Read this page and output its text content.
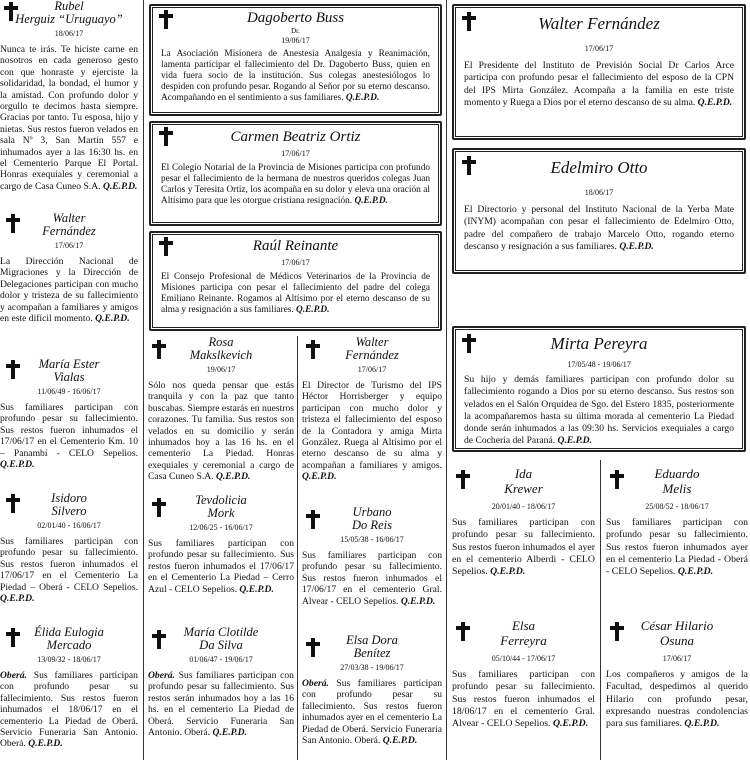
Rubel
Herguiz “Uruguayo”
18/06/17
Nunca te irás. Te hiciste carne en nosotros en cada generoso gesto con que honraste y ejerciste la solidaridad, la bondad, el humor y la amistad. Con profundo dolor y orgullo te decimos hasta siempre. Gracias por tanto. Tu esposa, hijo y nietas. Sus restos fueron velados en sala Nº 3, San Martín 557 e inhumados ayer a las 16:30 hs. en el Cementerio Parque El Portal. Honras exequiales y ceremonial a cargo de Casa Cuneo S.A. Q.E.P.D.
Walter
Fernández
17/06/17
La Dirección Nacional de Migraciones y la Dirección de Delegaciones participan con mucho dolor y tristeza de su fallecimiento y acompañan a familiares y amigos en este difícil momento. Q.E.P.D.
María Ester
Vialas
11/06/49 - 16/06/17
Sus familiares participan con profundo pesar su fallecimiento. Sus restos fueron inhumados el 17/06/17 en el Cementerio Km. 10 – Panambí - CELO Sepelios. Q.E.P.D.
Isidoro
Silvero
02/01/40 - 16/06/17
Sus familiares participan con profundo pesar su fallecimiento. Sus restos fueron inhumados el 17/06/17 en el Cementerio La Piedad – Oberá - CELO Sepelios. Q.E.P.D.
Élida Eulogia
Mercado
13/09/32 - 18/06/17
Oberá. Sus familiares participan con profundo pesar su fallecimiento. Sus restos fueron inhumados el 18/06/17 en el cementerio La Piedad de Oberá. Servicio Funeraria San Antonio. Oberá. Q.E.P.D.
Dagoberto Buss
Dr.
19/06/17
La Asociación Misionera de Anestesia Analgesia y Reanimación, lamenta participar el fallecimiento del Dr. Dagoberto Buss, quien en vida fuera socio de la institución. Sus colegas anestesiólogos lo despiden con profundo pesar. Rogando al Señor por su eterno descanso. Acompañando en el sentimiento a sus familiares. Q.E.P.D.
Carmen Beatriz Ortiz
17/06/17
El Colegio Notarial de la Provincia de Misiones participa con profundo pesar el fallecimiento de la hermana de nuestros queridos colegas Juan Carlos y Teresita Ortiz, los acompaña en su dolor y eleva una oración al Altísimo para que les otorgue cristiana resignación. Q.E.P.D.
Raúl Reinante
17/06/17
El Consejo Profesional de Médicos Veterinarios de la Provincia de Misiones participa con pesar el fallecimiento del padre del colega Emiliano Reinante. Rogamos al Altísimo por el eterno descanso de su alma y resignación a sus familiares. Q.E.P.D.
Rosa
Makslkevich
19/06/17
Sólo nos queda pensar que estás tranquila y con la paz que tanto buscabas. Siempre estarás en nuestros corazones. Tu familia. Sus restos son velados en su domicilio y serán inhumados hoy a las 16 hs. en el cementerio La Piedad. Honras exequiales y ceremonial a cargo de Casa Cuneo S.A. Q.E.P.D.
Tevdolicia
Mork
12/06/25 - 16/06/17
Sus familiares participan con profundo pesar su fallecimiento. Sus restos fueron inhumados el 17/06/17 en el Cementerio La Piedad – Cerro Azul - CELO Sepelios. Q.E.P.D.
María Clotilde
Da Silva
01/06/47 - 19/06/17
Oberá. Sus familiares participan con profundo pesar su fallecimiento. Sus restos serán inhumados hoy a las 16 hs. en el cementerio La Piedad de Oberá. Servicio Funeraria San Antonio. Oberá. Q.E.P.D.
Walter
Fernández
17/06/17
El Director de Turismo del IPS Héctor Horrisberger y equipo participan con mucho dolor y tristeza el fallecimiento del esposo de la Contadora y amiga Mirta González. Ruega al Altísimo por el eterno descanso de su alma y acompañan a familiares y amigos. Q.E.P.D.
Urbano
Do Reis
15/05/38 - 16/06/17
Sus familiares participan con profundo pesar su fallecimiento. Sus restos fueron inhumados el 17/06/17 en el cementerio Gral. Alvear - CELO Sepelios. Q.E.P.D.
Elsa Dora
Benítez
27/03/38 - 19/06/17
Oberá. Sus familiares participan con profundo pesar su fallecimiento. Sus restos fueron inhumados ayer en el cementerio La Piedad de Oberá. Servicio Funeraria San Antonio. Oberá. Q.E.P.D.
Walter Fernández
17/06/17
El Presidente del Instituto de Previsión Social Dr Carlos Arce participa con profundo pesar el fallecimiento del esposo de la CPN del IPS Mirta González. Acompaña a la familia en este triste momento y Ruega a Dios por el eterno descanso de su alma. Q.E.P.D.
Edelmiro Otto
18/06/17
El Directorio y personal del Instituto Nacional de la Yerba Mate (INYM) acompañan con pesar el fallecimiento de Edelmiro Otto, padre del compañero de trabajo Marcelo Otto, rogando eterno descanso y resignación a sus familiares. Q.E.P.D.
Mirta Pereyra
17/05/48 - 19/06/17
Su hijo y demás familiares participan con profundo dolor su fallecimiento rogando a Dios por su eterno descanso. Sus restos son velados en el Salón Orquídea de Sgo. del Estero 1835, posteriormente la acompañaremos hasta su última morada al cementerio La Piedad donde serán inhumados a las 09:30 hs. Servicios exequiales a cargo de Cochería del Paraná. Q.E.P.D.
Ida
Krewer
20/01/40 - 18/06/17
Sus familiares participan con profundo pesar su fallecimiento. Sus restos fueron inhumados el ayer en el cementerio Alberdi - CELO Sepelios. Q.E.P.D.
Elsa
Ferreyra
05/10/44 - 17/06/17
Sus familiares participan con profundo pesar su fallecimiento. Sus restos fueron inhumados el 18/06/17 en el cementerio Gral. Alvear - CELO Sepelios. Q.E.P.D.
Eduardo
Melis
25/08/52 - 18/06/17
Sus familiares participan con profundo pesar su fallecimiento. Sus restos fueron inhumados ayer en el cementerio La Piedad - Oberá - CELO Sepelios. Q.E.P.D.
César Hilario
Osuna
17/06/17
Los compañeros y amigos de la Facultad, despedimos al querido Hilario con profundo pesar, expresando nuestras condolencias para sus familiares. Q.E.P.D.
